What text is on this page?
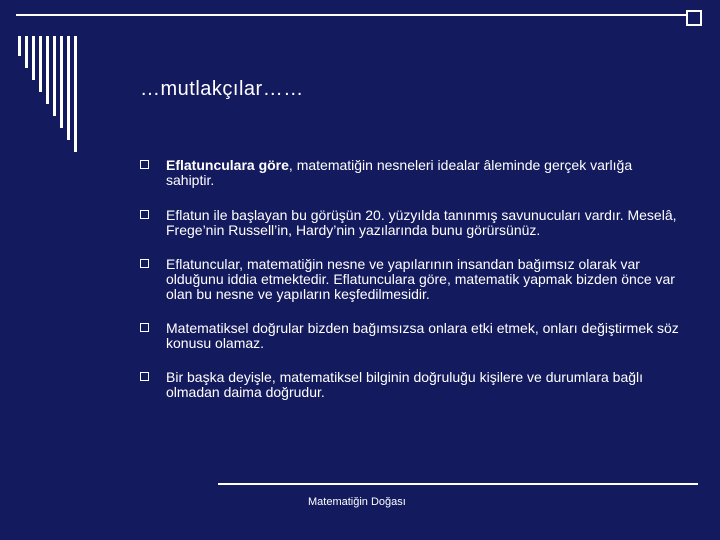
…mutlakçılar……
Eflatunculara göre, matematiğin nesneleri idealar âleminde gerçek varlığa sahiptir.
Eflatun ile başlayan bu görüşün 20. yüzyılda tanınmış savunucuları vardır. Meselâ, Frege’nin Russell’in, Hardy’nin yazılarında bunu görürsünüz.
Eflatuncular, matematiğin nesne ve yapılarının insandan bağımsız olarak var olduğunu iddia etmektedir. Eflatunculara göre, matematik yapmak bizden önce var olan bu nesne ve yapıların keşfedilmesidir.
Matematiksel doğrular bizden bağımsızsa onlara etki etmek, onları değiştirmek söz konusu olamaz.
Bir başka deyişle, matematiksel bilginin doğruluğu kişilere ve durumlara bağlı olmadan daima doğrudur.
Matematiğin Doğası
